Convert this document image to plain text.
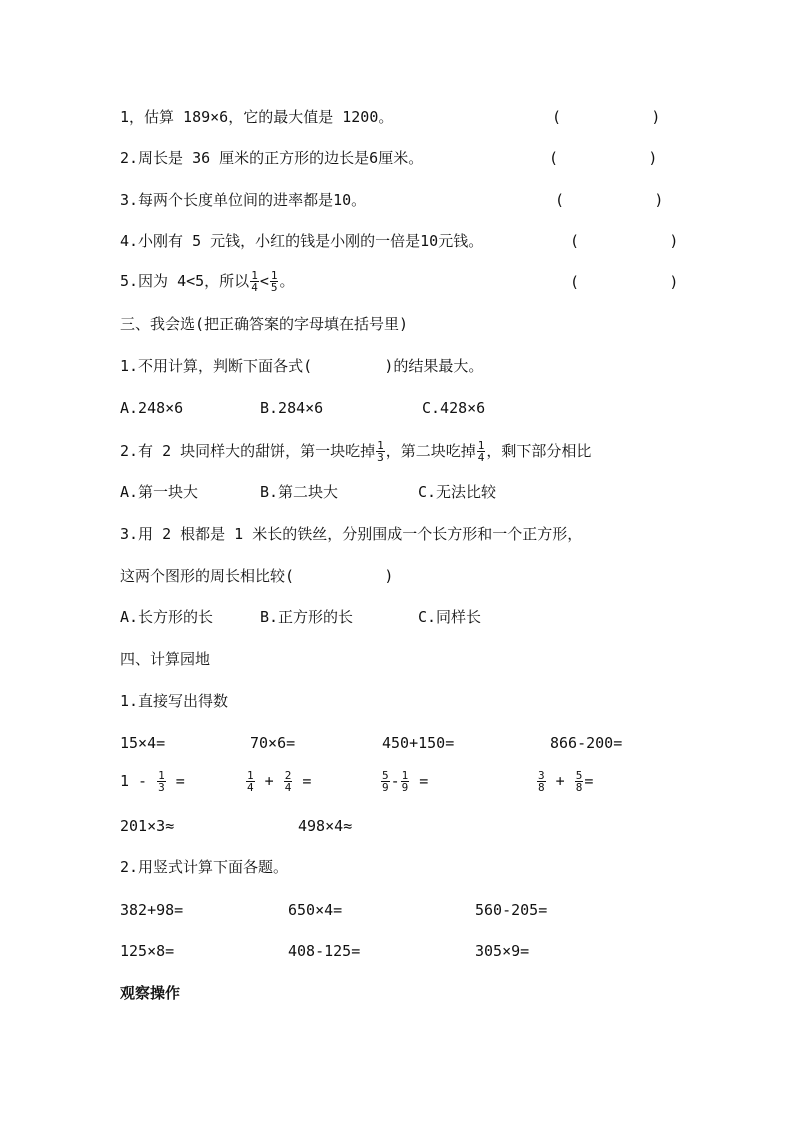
1，估算 189×6，它的最大值是 1200。	(          )
2.周长是 36 厘米的正方形的边长是6厘米。	(          )
3.每两个长度单位间的进率都是10。	(          )
4.小刚有 5 元钱，小红的钱是小刚的一倍是10元钱。	(          )
5.因为 4<5，所以 $\frac{1}{4} < \frac{1}{5}$ 。	(          )
三、我会选(把正确答案的字母填在括号里)
1.不用计算，判断下面各式(        )的结果最大。
A.248×6	B.284×6	C.428×6
2.有 2 块同样大的甜饼，第一块吃掉 $\frac{1}{3}$ ，第二块吃掉 $\frac{1}{4}$ ，剩下部分相比
A.第一块大	B.第二块大	C.无法比较
3.用 2 根都是 1 米长的铁丝，分别围成一个长方形和一个正方形，
这两个图形的周长相比较(          )
A.长方形的长	B.正方形的长	C.同样长
四、计算园地
1.直接写出得数
15×4=	70×6=	450+150=	866-200=
$1 - \frac{1}{3}$ =	$\frac{1}{4} + \frac{2}{4}$ =	$\frac{5}{9} - \frac{1}{9}$ =	$\frac{3}{8} + \frac{5}{8}$ =
201×3≈	498×4≈
2.用竖式计算下面各题。
382+98=	650×4=	560-205=
125×8=	408-125=	305×9=
观察操作
